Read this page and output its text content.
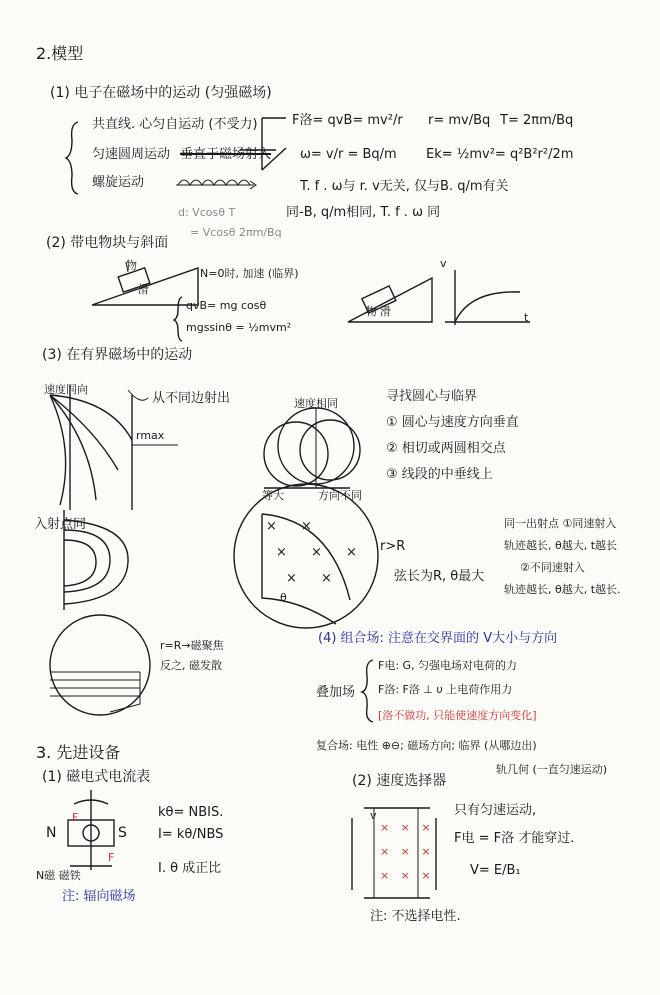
2.模型
(1) 电子在磁场中的运动 (匀强磁场)
共直线. 心匀自运动 (不受力)
匀速圆周运动 垂直于磁场射入
螺旋运动
d: Vcosθ T
= Vcosθ 2πm/Bq
F洛= qvB= mv²/r r= mv/Bq T= 2πm/Bq
ω= v/r = Bq/m Ek= ½mv²= q²B²r²/2m
T. f . ω与 r. v无关, 仅与B. q/m有关
同-B, q/m相同, T. f . ω 同
(2) 带电物块与斜面
物
滑
N=0时, 加速 (临界)
qvB= mg cosθ
mgssinθ = ½mvm²
物 滑
v
t
(3) 在有界磁场中的运动
速度同向
从不同边射出
rmax
入射点同
速度相同
等大	方向不同
寻找圆心与临界
① 圆心与速度方向垂直
② 相切或两圆相交点
③ 线段的中垂线上
r>R
弦长为R, θ最大
θ
× ×
× × ×
× ×
同一出射点 ①同速射入
轨迹越长, θ越大, t越长
②不同速射入
轨迹越长, θ越大, t越长.
r=R→磁聚焦
反之, 磁发散
(4) 组合场: 注意在交界面的 V大小与方向
叠加场
F电: G, 匀强电场对电荷的力
F洛: F洛 ⊥ υ 上电荷作用力
[洛不做功, 只能使速度方向变化]
复合场: 电性 ⊕⊖; 磁场方向; 临界 (从哪边出)
轨几何 (一直匀速运动)
3. 先进设备
(1) 磁电式电流表
kθ= NBIS.
I= kθ/NBS
I. θ 成正比
N	S
F
F
N磁 磁铁
注: 辐向磁场
(2) 速度选择器
× × ×
× × ×
× × ×
v	只有匀速运动,
F电 = F洛 才能穿过.
V= E/B₁
注: 不选择电性.
